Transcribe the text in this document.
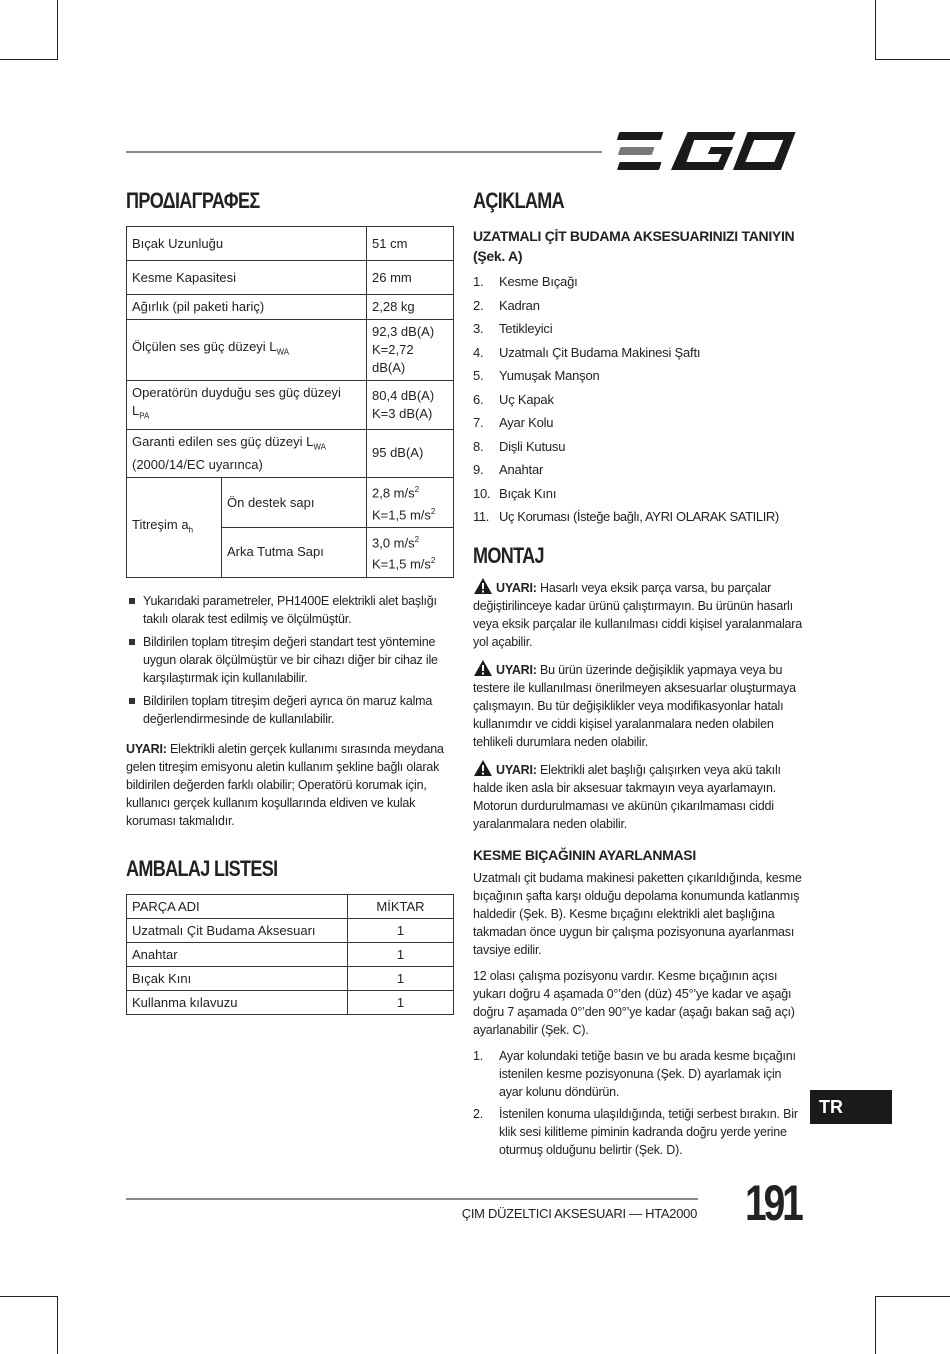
ΠΡΟΔΙΑΓΡΑΦΕΣ
Bıçak Uzunluğu		51 cm
Kesme Kapasitesi		26 mm
Ağırlık (pil paketi hariç)		2,28 kg
Ölçülen ses güç düzeyi $L_{WA}$		92,3 dB(A)
K=2,72 dB(A)

Operatörün duyduğu ses güç düzeyi $L_{PA}$		80,4 dB(A)
K=3 dB(A)

Garanti edilen ses güç düzeyi $L_{WA}$
(2000/14/EC uyarınca)		95 dB(A)
Titreşim $a_h$	Ön destek sapı	2,8 $m/s^2$
K=1,5 $m/s^2$

	Arka Tutma Sapı	3,0 $m/s^2$
K=1,5 $m/s^2$
Yukarıdaki parametreler, PH1400E elektrikli alet başlığı takılı olarak test edilmiş ve ölçülmüştür.
Bildirilen toplam titreşim değeri standart test yöntemine uygun olarak ölçülmüştür ve bir cihazı diğer bir cihaz ile karşılaştırmak için kullanılabilir.
Bildirilen toplam titreşim değeri ayrıca ön maruz kalma değerlendirmesinde de kullanılabilir.

UYARI: Elektrikli aletin gerçek kullanımı sırasında meydana gelen titreşim emisyonu aletin kullanım şekline bağlı olarak bildirilen değerden farklı olabilir; Operatörü korumak için, kullanıcı gerçek kullanım koşullarında eldiven ve kulak koruması takmalıdır.

AMBALAJ LISTESI
PARÇA ADI	MİKTAR
Uzatmalı Çit Budama Aksesuarı	1
Anahtar	1
Bıçak Kını	1
Kullanma kılavuzu	1
AÇIKLAMA
UZATMALI ÇİT BUDAMA AKSESUARINIZI TANIYIN (Şek. A)
1. Kesme Bıçağı
2. Kadran
3. Tetikleyici
4. Uzatmalı Çit Budama Makinesi Şaftı
5. Yumuşak Manşon
6. Uç Kapak
7. Ayar Kolu
8. Dişli Kutusu
9. Anahtar
10. Bıçak Kını
11. Uç Koruması (İsteğe bağlı, AYRI OLARAK SATILIR)
MONTAJ

UYARI: Hasarlı veya eksik parça varsa, bu parçalar değiştirilinceye kadar ürünü çalıştırmayın. Bu ürünün hasarlı veya eksik parçalar ile kullanılması ciddi kişisel yaralanmalara yol açabilir.

UYARI: Bu ürün üzerinde değişiklik yapmaya veya bu testere ile kullanılması önerilmeyen aksesuarlar oluşturmaya çalışmayın. Bu tür değişiklikler veya modifikasyonlar hatalı kullanımdır ve ciddi kişisel yaralanmalara neden olabilen tehlikeli durumlara neden olabilir.

UYARI: Elektrikli alet başlığı çalışırken veya akü takılı halde iken asla bir aksesuar takmayın veya ayarlamayın. Motorun durdurulmaması ve akünün çıkarılmaması ciddi yaralanmalara neden olabilir.

KESME BIÇAĞININ AYARLANMASI

Uzatmalı çit budama makinesi paketten çıkarıldığında, kesme bıçağının şafta karşı olduğu depolama konumunda katlanmış haldedir (Şek. B). Kesme bıçağını elektrikli alet başlığına takmadan önce uygun bir çalışma pozisyonuna ayarlanması tavsiye edilir.

12 olası çalışma pozisyonu vardır. Kesme bıçağının açısı yukarı doğru 4 aşamada 0°’den (düz) 45°’ye kadar ve aşağı doğru 7 aşamada 0°’den 90°’ye kadar (aşağı bakan sağ açı) ayarlanabilir (Şek. C).

1. Ayar kolundaki tetiğe basın ve bu arada kesme bıçağını istenilen kesme pozisyonuna (Şek. D) ayarlamak için ayar kolunu döndürün.
2. İstenilen konuma ulaşıldığında, tetiği serbest bırakın. Bir klik sesi kilitleme piminin kadranda doğru yerde yerine oturmuş olduğunu belirtir (Şek. D).
TR
ÇIM DÜZELTICI AKSESUARI — HTA2000 191
